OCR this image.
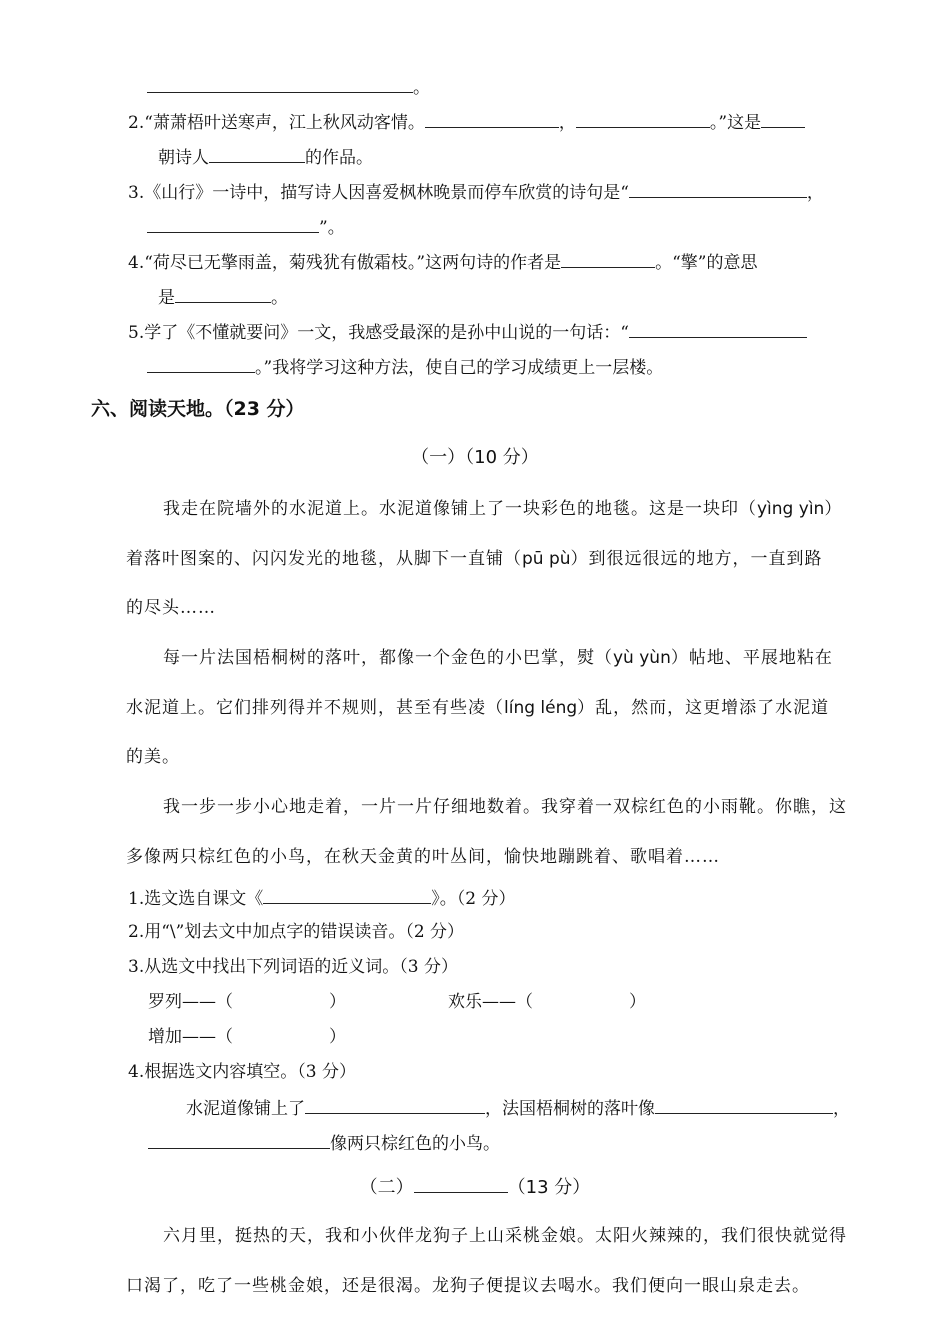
。
2.“萧萧梧叶送寒声，江上秋风动客情。	，	。”这是
朝诗人	的作品。
3.《山行》一诗中，描写诗人因喜爱枫林晚景而停车欣赏的诗句是“	，
”。
4.“荷尽已无擎雨盖，菊残犹有傲霜枝。”这两句诗的作者是	。“擎”的意思
是	。
5.学了《不懂就要问》一文，我感受最深的是孙中山说的一句话：“
。”我将学习这种方法，使自己的学习成绩更上一层楼。
六、阅读天地。（23 分）
（一）（10 分）
我走在院墙外的水泥道上。水泥道像铺上了一块彩色的地毯。这是一块印（yìng yìn）
着落叶图案的、闪闪发光的地毯，从脚下一直铺（pū pù）到很远很远的地方，一直到路
的尽头……
每一片法国梧桐树的落叶，都像一个金色的小巴掌，熨（yù yùn）帖地、平展地粘在
水泥道上。它们排列得并不规则，甚至有些凌（líng léng）乱，然而，这更增添了水泥道
的美。
我一步一步小心地走着，一片一片仔细地数着。我穿着一双棕红色的小雨靴。你瞧，这
多像两只棕红色的小鸟，在秋天金黄的叶丛间，愉快地蹦跳着、歌唱着……
1.选文选自课文《	》。（2 分）
2.用“\”划去文中加点字的错误读音。（2 分）
3.从选文中找出下列词语的近义词。（3 分）
罗列——（	）	欢乐——（	）
增加——（	）
4.根据选文内容填空。（3 分）
水泥道像铺上了	，法国梧桐树的落叶像	，
像两只棕红色的小鸟。
（二）	（13 分）
六月里，挺热的天，我和小伙伴龙狗子上山采桃金娘。太阳火辣辣的，我们很快就觉得
口渴了，吃了一些桃金娘，还是很渴。龙狗子便提议去喝水。我们便向一眼山泉走去。
